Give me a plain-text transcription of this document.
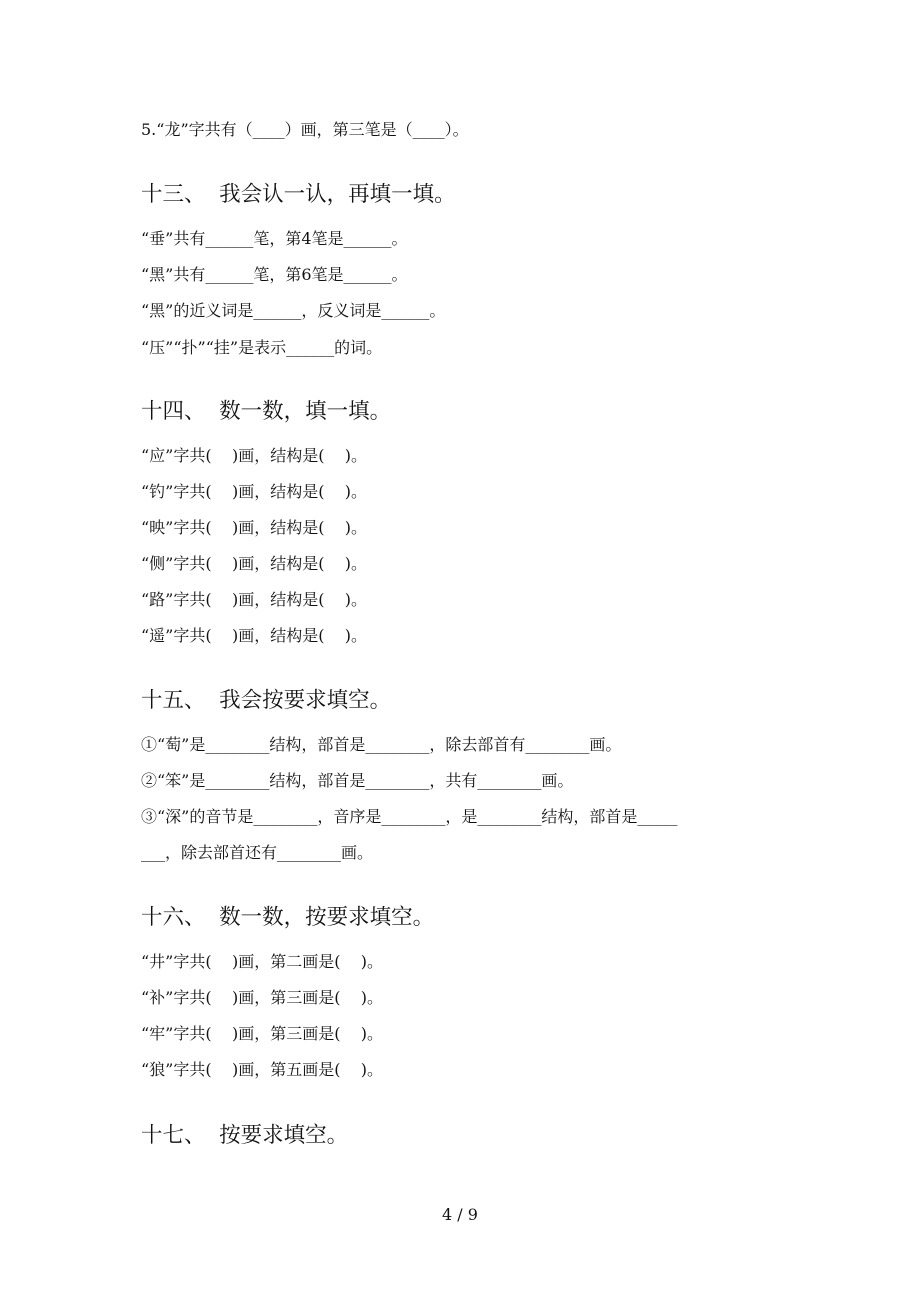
5.“龙”字共有（____）画，第三笔是（____）。

十三、  我会认一认，再填一填。

“垂”共有______笔，第4笔是______。

“黑”共有______笔，第6笔是______。

“黑”的近义词是______，反义词是______。

“压”“扑”“挂”是表示______的词。

十四、  数一数，填一填。

“应”字共(    )画，结构是(    )。

“钓”字共(    )画，结构是(    )。

“映”字共(    )画，结构是(    )。

“侧”字共(    )画，结构是(    )。

“路”字共(    )画，结构是(    )。

“遥”字共(    )画，结构是(    )。

十五、  我会按要求填空。

①“萄”是________结构，部首是________，除去部首有________画。

②“笨”是________结构，部首是________，共有________画。

③“深”的音节是________，音序是________，是________结构，部首是_____

___，除去部首还有________画。

十六、  数一数，按要求填空。

“井”字共(    )画，第二画是(    )。

“补”字共(    )画，第三画是(    )。

“牢”字共(    )画，第三画是(    )。

“狼”字共(    )画，第五画是(    )。

十七、  按要求填空。
4 / 9
